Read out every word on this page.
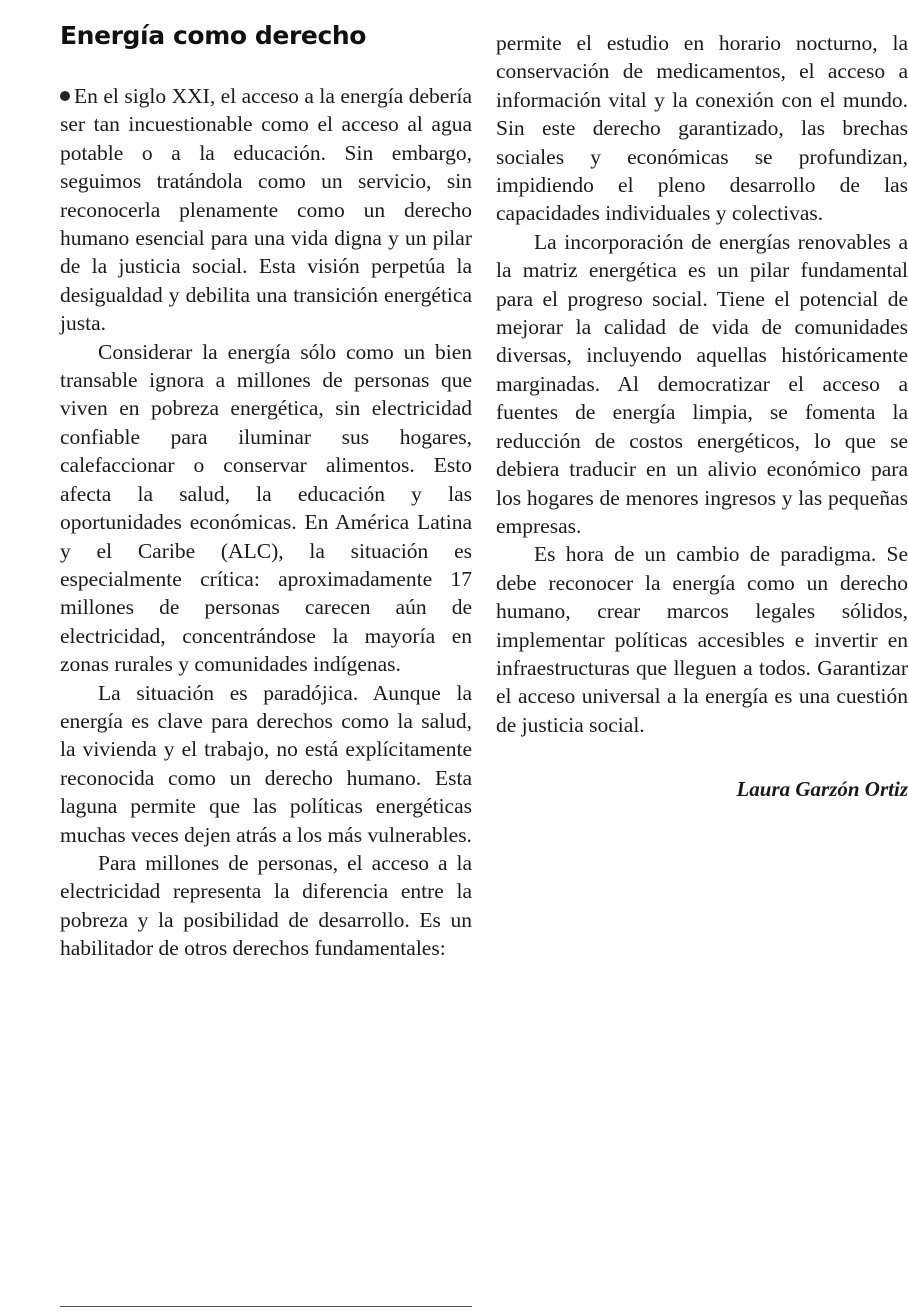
Energía como derecho

En el siglo XXI, el acceso a la energía debería ser tan incuestionable como el acceso al agua potable o a la educación. Sin embargo, seguimos tratándola como un servicio, sin reconocerla plenamente como un derecho humano esencial para una vida digna y un pilar de la justicia social. Esta visión perpetúa la desigualdad y debilita una transición energética justa.

Considerar la energía sólo como un bien transable ignora a millones de personas que viven en pobreza energética, sin electricidad confiable para iluminar sus hogares, calefaccionar o conservar alimentos. Esto afecta la salud, la educación y las oportunidades económicas. En América Latina y el Caribe (ALC), la situación es especialmente crítica: aproximadamente 17 millones de personas carecen aún de electricidad, concentrándose la mayoría en zonas rurales y comunidades indígenas.

La situación es paradójica. Aunque la energía es clave para derechos como la salud, la vivienda y el trabajo, no está explícitamente reconocida como un derecho humano. Esta laguna permite que las políticas energéticas muchas veces dejen atrás a los más vulnerables.

Para millones de personas, el acceso a la electricidad representa la diferencia entre la pobreza y la posibilidad de desarrollo. Es un habilitador de otros derechos fundamentales:

permite el estudio en horario nocturno, la conservación de medicamentos, el acceso a información vital y la conexión con el mundo. Sin este derecho garantizado, las brechas sociales y económicas se profundizan, impidiendo el pleno desarrollo de las capacidades individuales y colectivas.

La incorporación de energías renovables a la matriz energética es un pilar fundamental para el progreso social. Tiene el potencial de mejorar la calidad de vida de comunidades diversas, incluyendo aquellas históricamente marginadas. Al democratizar el acceso a fuentes de energía limpia, se fomenta la reducción de costos energéticos, lo que se debiera traducir en un alivio económico para los hogares de menores ingresos y las pequeñas empresas.

Es hora de un cambio de paradigma. Se debe reconocer la energía como un derecho humano, crear marcos legales sólidos, implementar políticas accesibles e invertir en infraestructuras que lleguen a todos. Garantizar el acceso universal a la energía es una cuestión de justicia social.

Laura Garzón Ortiz
